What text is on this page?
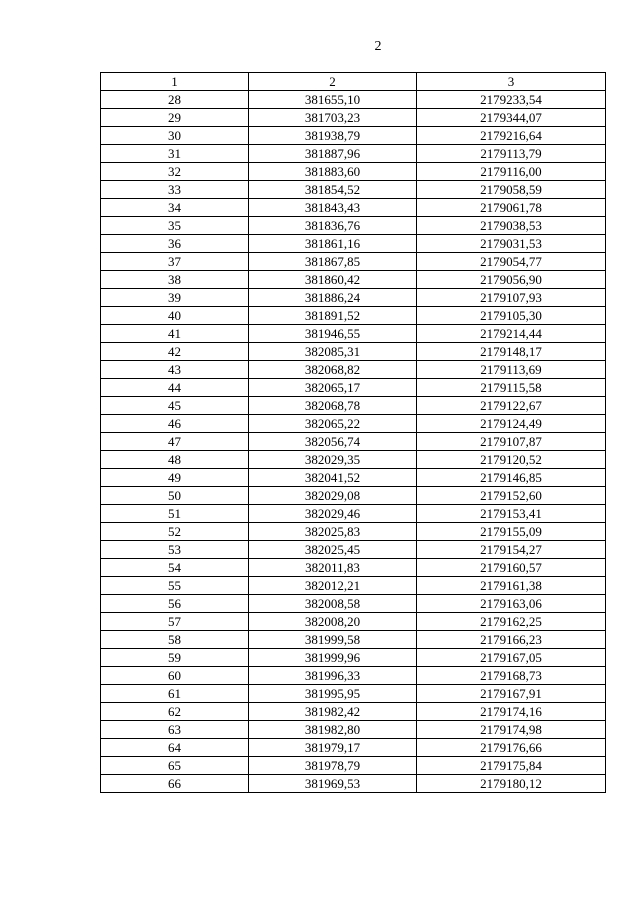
2
1	2	3
28	381655,10	2179233,54
29	381703,23	2179344,07
30	381938,79	2179216,64
31	381887,96	2179113,79
32	381883,60	2179116,00
33	381854,52	2179058,59
34	381843,43	2179061,78
35	381836,76	2179038,53
36	381861,16	2179031,53
37	381867,85	2179054,77
38	381860,42	2179056,90
39	381886,24	2179107,93
40	381891,52	2179105,30
41	381946,55	2179214,44
42	382085,31	2179148,17
43	382068,82	2179113,69
44	382065,17	2179115,58
45	382068,78	2179122,67
46	382065,22	2179124,49
47	382056,74	2179107,87
48	382029,35	2179120,52
49	382041,52	2179146,85
50	382029,08	2179152,60
51	382029,46	2179153,41
52	382025,83	2179155,09
53	382025,45	2179154,27
54	382011,83	2179160,57
55	382012,21	2179161,38
56	382008,58	2179163,06
57	382008,20	2179162,25
58	381999,58	2179166,23
59	381999,96	2179167,05
60	381996,33	2179168,73
61	381995,95	2179167,91
62	381982,42	2179174,16
63	381982,80	2179174,98
64	381979,17	2179176,66
65	381978,79	2179175,84
66	381969,53	2179180,12
